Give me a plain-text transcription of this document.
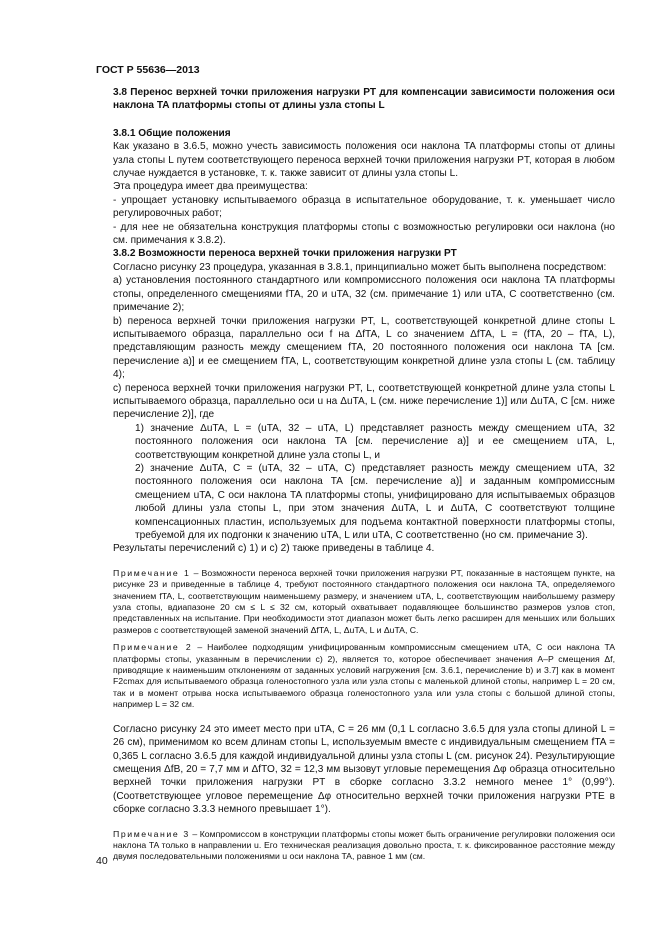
ГОСТ Р 55636—2013

3.8 Перенос верхней точки приложения нагрузки PT для компенсации зависимости положения оси наклона TA платформы стопы от длины узла стопы L

3.8.1 Общие положения

Как указано в 3.6.5, можно учесть зависимость положения оси наклона TA платформы стопы от длины узла стопы L путем соответствующего переноса верхней точки приложения нагрузки PT, которая в любом случае нуждается в установке, т. к. также зависит от длины узла стопы L.

Эта процедура имеет два преимущества:

- упрощает установку испытываемого образца в испытательное оборудование, т. к. уменьшает число регулировочных работ;

- для нее не обязательна конструкция платформы стопы с возможностью регулировки оси наклона (но см. примечания к 3.8.2).

3.8.2 Возможности переноса верхней точки приложения нагрузки PT

Согласно рисунку 23 процедура, указанная в 3.8.1, принципиально может быть выполнена посредством:

а) установления постоянного стандартного или компромиссного положения оси наклона TA платформы стопы, определенного смещениями fTA, 20 и uTA, 32 (см. примечание 1) или uTA, C соответственно (см. примечание 2);

b) переноса верхней точки приложения нагрузки PT, L, соответствующей конкретной длине стопы L испытываемого образца, параллельно оси f на ΔfTA, L со значением ΔfTA, L = (fTA, 20 – fTA, L), представляющим разность между смещением fTA, 20 постоянного положения оси наклона TA [см. перечисление а)] и ее смещением fTA, L, соответствующим конкретной длине узла стопы L (см. таблицу 4);

с) переноса верхней точки приложения нагрузки PT, L, соответствующей конкретной длине узла стопы L испытываемого образца, параллельно оси u на ΔuTA, L (см. ниже перечисление 1)] или ΔuTA, C [см. ниже перечисление 2)], где

1) значение ΔuTA, L = (uTA, 32 – uTA, L) представляет разность между смещением uTA, 32 постоянного положения оси наклона TA [см. перечисление а)] и ее смещением uTA, L, соответствующим конкретной длине узла стопы L, и

2) значение ΔuTA, C = (uTA, 32 – uTA, C) представляет разность между смещением uTA, 32 постоянного положения оси наклона TA [см. перечисление а)] и заданным компромиссным смещением uTA, C оси наклона TA платформы стопы, унифицировано для испытываемых образцов любой длины узла стопы L, при этом значения ΔuTA, L и ΔuTA, C соответствуют толщине компенсационных пластин, используемых для подъема контактной поверхности платформы стопы, требуемой для их подгонки к значению uTA, L или uTA, C соответственно (но см. примечание 3).

Результаты перечислений с) 1) и с) 2) также приведены в таблице 4.

Примечание 1 – Возможности переноса верхней точки приложения нагрузки PT, показанные в настоящем пункте, на рисунке 23 и приведенные в таблице 4, требуют постоянного стандартного положения оси наклона TA, определяемого значением fTA, L, соответствующим наименьшему размеру, и значением uTA, L, соответствующим наибольшему размеру узла стопы, вдиапазоне 20 см ≤ L ≤ 32 см, который охватывает подавляющее большинство размеров узлов стоп, представленных на испытание. При необходимости этот диапазон может быть легко расширен для меньших или больших размеров с соответствующей заменой значений ΔfTA, L, ΔuTA, L и ΔuTA, C.

Примечание 2 – Наиболее подходящим унифицированным компромиссным смещением uTA, C оси наклона TA платформы стопы, указанным в перечислении с) 2), является то, которое обеспечивает значения A–P смещения Δf, приводящие к наименьшим отклонениям от заданных условий нагружения [см. 3.6.1, перечисление b) и 3.7] как в момент F2cmax для испытываемого образца голеностопного узла или узла стопы с маленькой длиной стопы, например L = 20 см, так и в момент отрыва носка испытываемого образца голеностопного узла или узла стопы с большой длиной стопы, например L = 32 см.

Согласно рисунку 24 это имеет место при uTA, C = 26 мм (0,1 L согласно 3.6.5 для узла стопы длиной L = 26 см), применимом ко всем длинам стопы L, используемым вместе с индивидуальным смещением fTA = 0,365 L согласно 3.6.5 для каждой индивидуальной длины узла стопы L (см. рисунок 24). Результирующие смещения ΔfB, 20 = 7,7 мм и ΔfTO, 32 = 12,3 мм вызовут угловые перемещения Δφ образца относительно верхней точки приложения нагрузки PT в сборке согласно 3.3.2 немного менее 1° (0,99°). (Соответствующее угловое перемещение Δφ относительно верхней точки приложения нагрузки PTE в сборке согласно 3.3.3 немного превышает 1°).

Примечание 3 – Компромиссом в конструкции платформы стопы может быть ограничение регулировки положения оси наклона TA только в направлении u. Его техническая реализация довольно проста, т. к. фиксированное расстояние между двумя последовательными положениями u оси наклона TA, равное 1 мм (см.

40
